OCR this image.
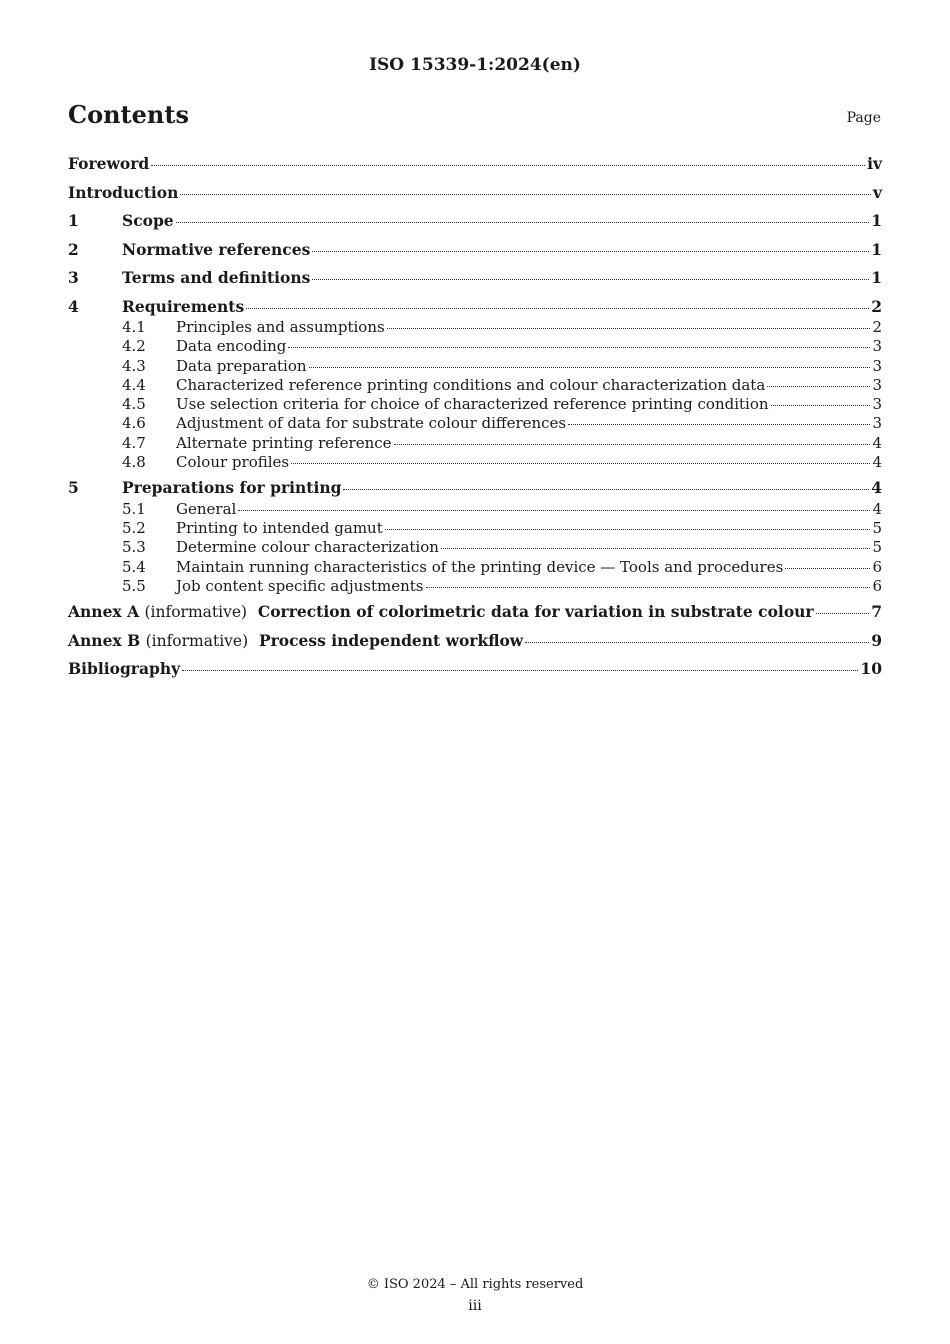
ISO 15339-1:2024(en)
Contents	Page
Foreword	iv
Introduction	v
1	Scope	1
2	Normative references	1
3	Terms and definitions	1
4	Requirements	2
4.1	Principles and assumptions	2
4.2	Data encoding	3
4.3	Data preparation	3
4.4	Characterized reference printing conditions and colour characterization data	3
4.5	Use selection criteria for choice of characterized reference printing condition	3
4.6	Adjustment of data for substrate colour differences	3
4.7	Alternate printing reference	4
4.8	Colour profiles	4
5	Preparations for printing	4
5.1	General	4
5.2	Printing to intended gamut	5
5.3	Determine colour characterization	5
5.4	Maintain running characteristics of the printing device — Tools and procedures	6
5.5	Job content specific adjustments	6
Annex A (informative) Correction of colorimetric data for variation in substrate colour	7
Annex B (informative) Process independent workflow	9
Bibliography	10
© ISO 2024 – All rights reserved
iii
